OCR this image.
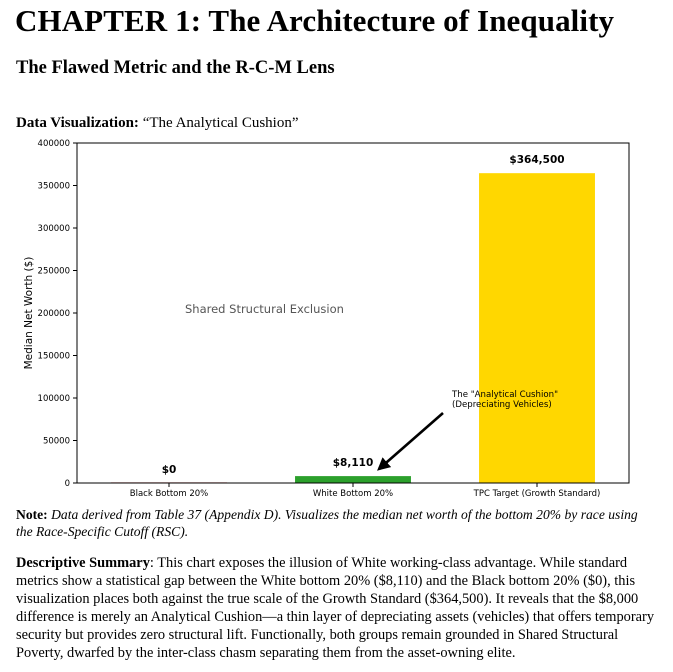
CHAPTER 1: The Architecture of Inequality
The Flawed Metric and the R-C-M Lens
Data Visualization: “The Analytical Cushion”
0
50000
100000
150000
200000
250000
300000
350000
400000
Black Bottom 20%	White Bottom 20%	TPC Target (Growth Standard)
$0
$8,110
$364,500
Median Net Worth ($)	Shared Structural Exclusion
The "Analytical Cushion"
(Depreciating Vehicles)
Note: Data derived from Table 37 (Appendix D). Visualizes the median net worth of the bottom 20% by race using the Race-Specific Cutoff (RSC).
Descriptive Summary: This chart exposes the illusion of White working-class advantage. While standard metrics show a statistical gap between the White bottom 20% ($8,110) and the Black bottom 20% ($0), this visualization places both against the true scale of the Growth Standard ($364,500). It reveals that the $8,000 difference is merely an Analytical Cushion—a thin layer of depreciating assets (vehicles) that offers temporary security but provides zero structural lift. Functionally, both groups remain grounded in Shared Structural Poverty, dwarfed by the inter-class chasm separating them from the asset-owning elite.
